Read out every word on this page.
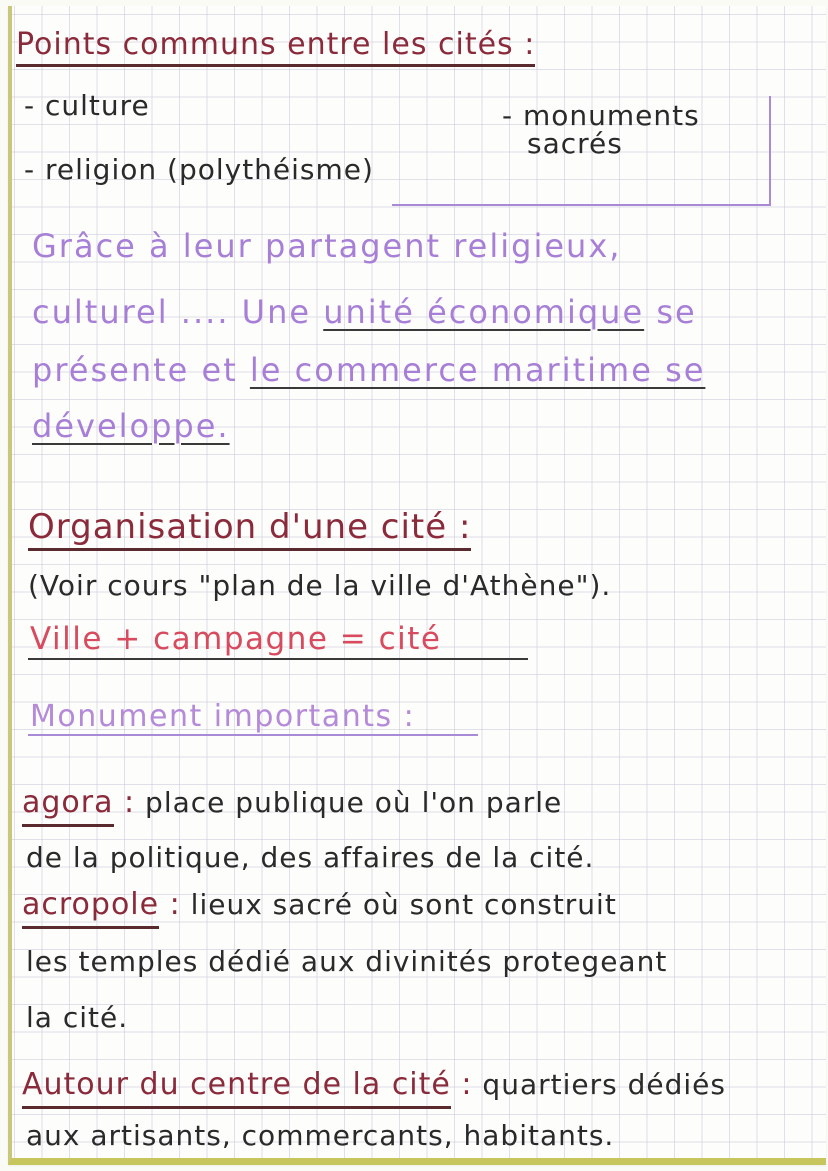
Points communs entre les cités :
- culture
- religion (polythéisme)
- monuments
sacrés
Grâce à leur partagent religieux,
culturel .... Une unité économique se
présente et le commerce maritime se
développe.
Organisation d'une cité :
(Voir cours "plan de la ville d'Athène").
Ville + campagne = cité
Monument importants :
agora : place publique où l'on parle
de la politique, des affaires de la cité.
acropole : lieux sacré où sont construit
les temples dédié aux divinités protegeant
la cité.
Autour du centre de la cité : quartiers dédiés
aux artisants, commercants, habitants.
